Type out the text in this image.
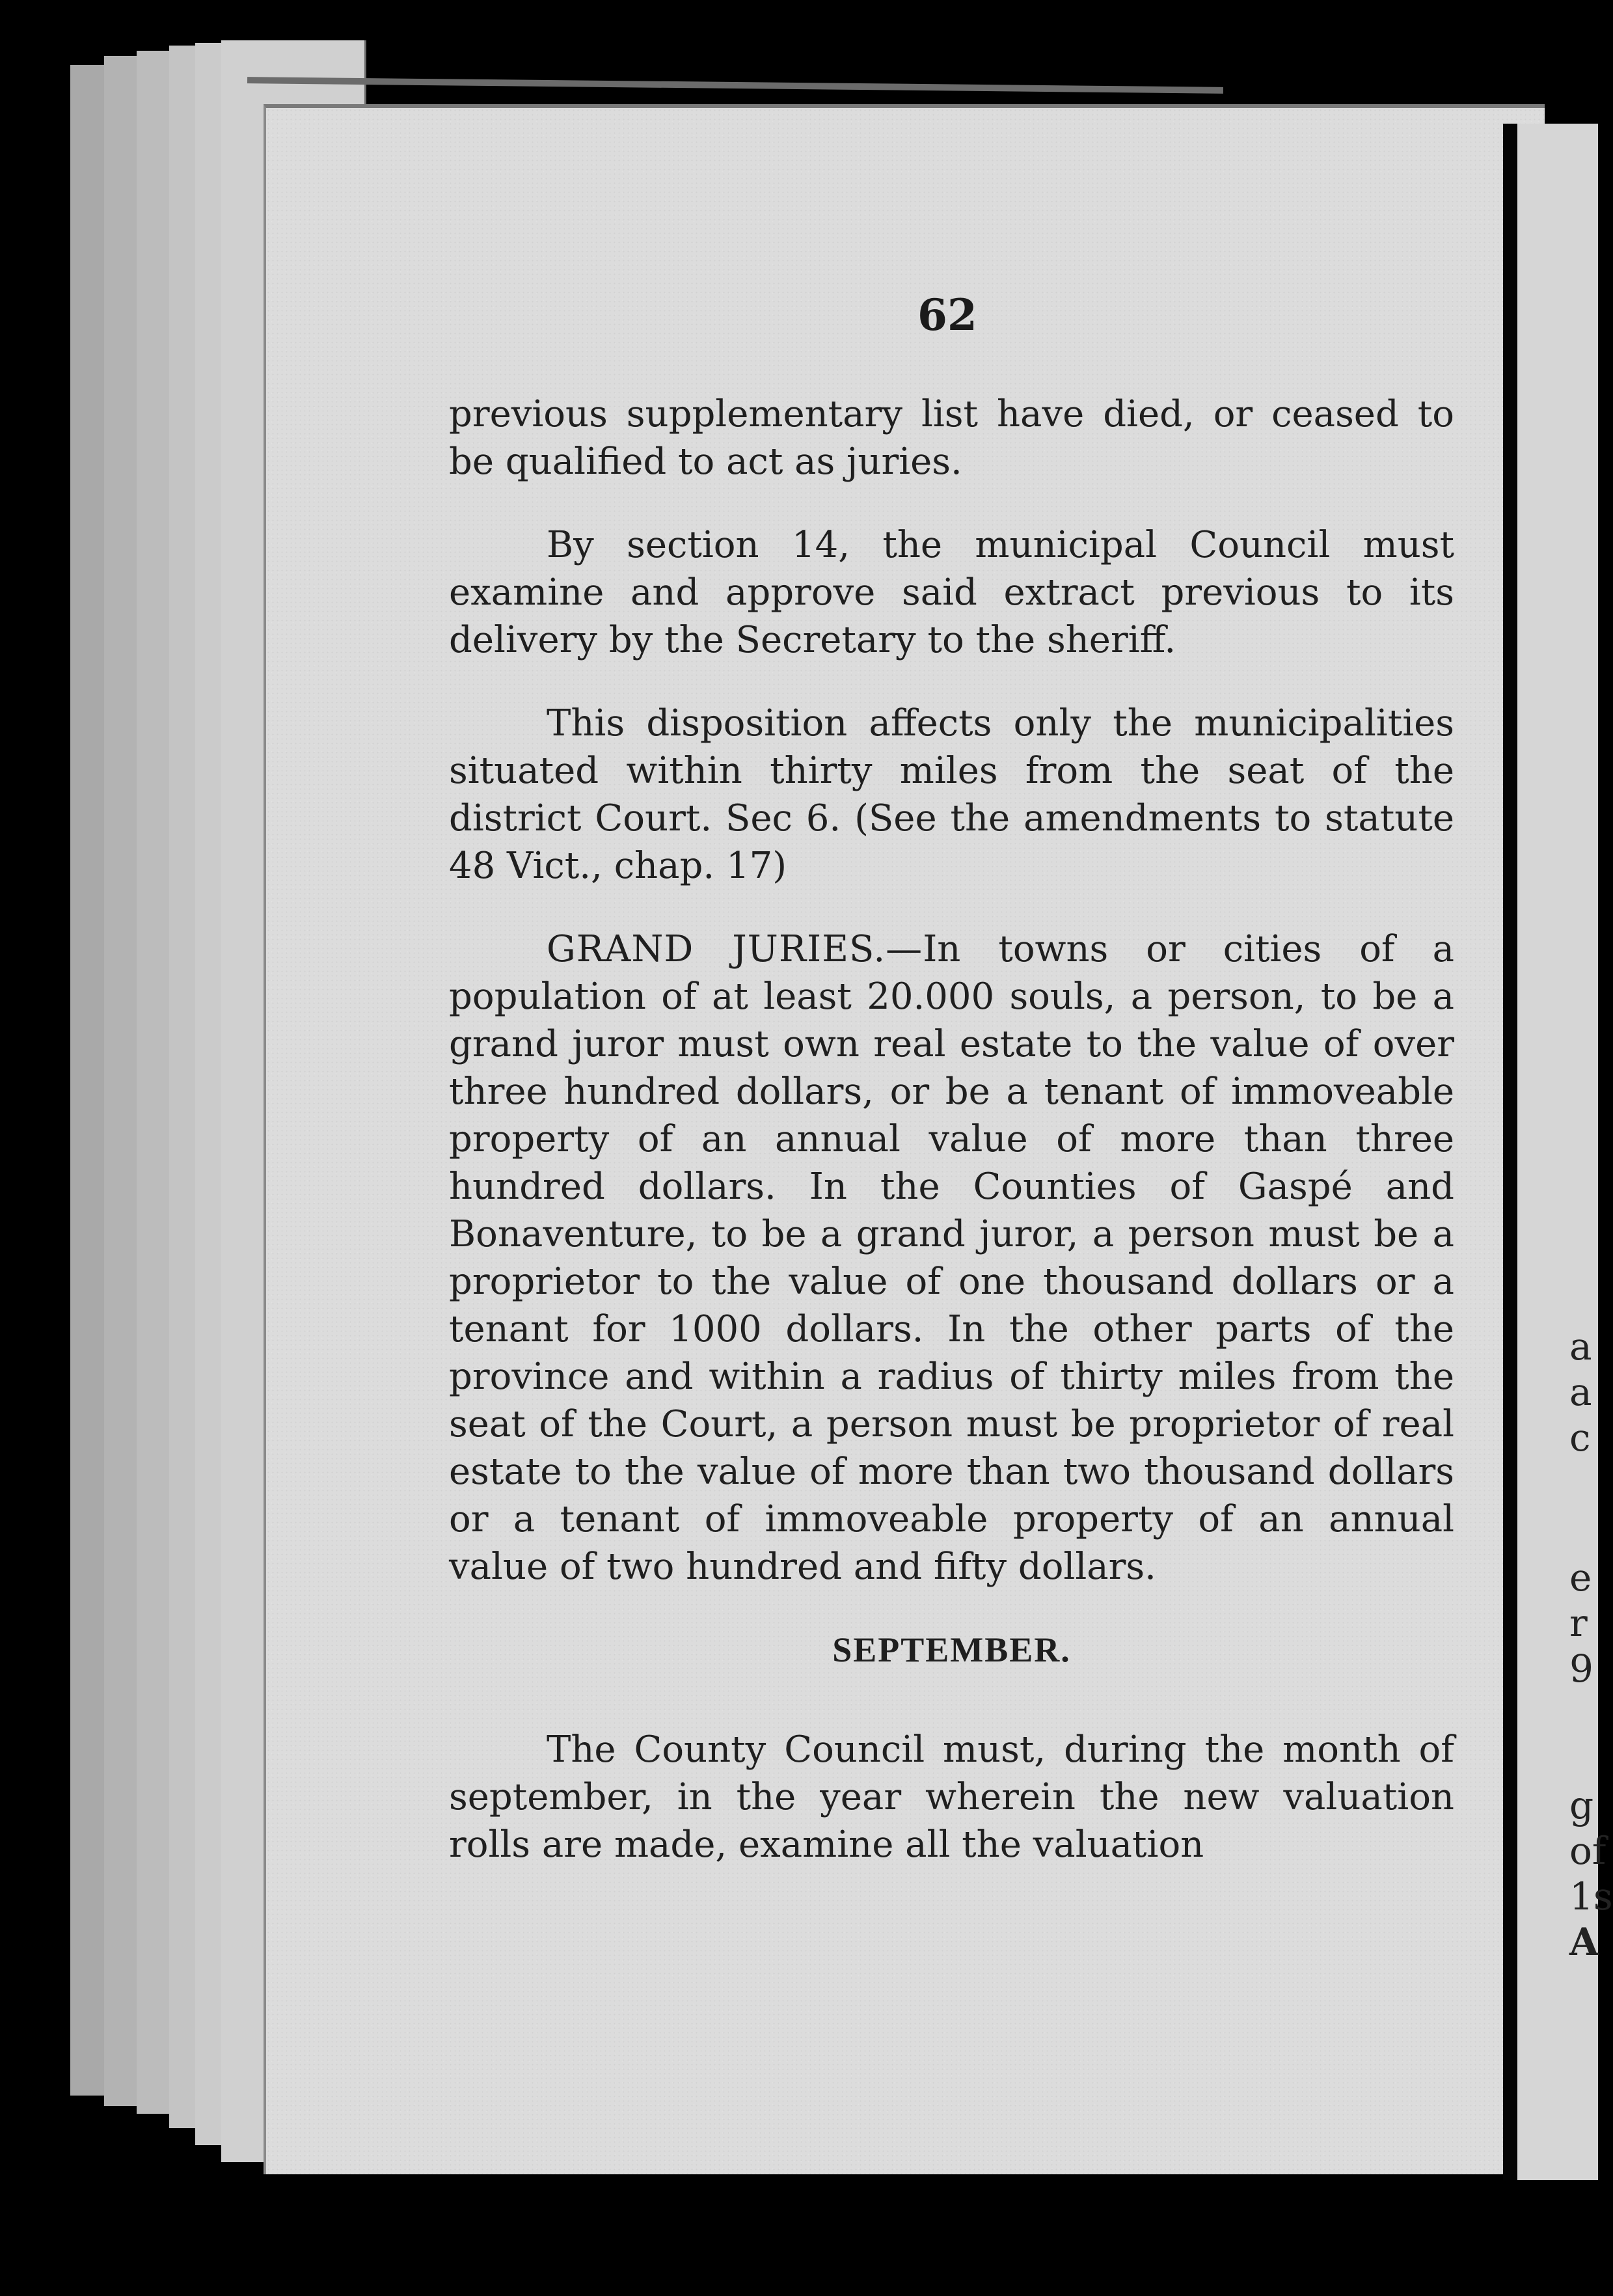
62

previous supplementary list have died, or ceased to be qualified to act as juries.

By section 14, the municipal Council must examine and approve said extract previous to its delivery by the Secretary to the sheriff.

This disposition affects only the municipalities situated within thirty miles from the seat of the district Court. Sec 6. (See the amendments to statute 48 Vict., chap. 17)

GRAND JURIES.—In towns or cities of a population of at least 20.000 souls, a person, to be a grand juror must own real estate to the value of over three hundred dollars, or be a tenant of immoveable property of an annual value of more than three hundred dollars. In the Counties of Gaspé and Bonaventure, to be a grand juror, a person must be a proprietor to the value of one thousand dollars or a tenant for 1000 dollars. In the other parts of the province and within a radius of thirty miles from the seat of the Court, a person must be proprietor of real estate to the value of more than two thousand dollars or a tenant of immoveable property of an annual value of two hundred and fifty dollars.

SEPTEMBER.

The County Council must, during the month of september, in the year wherein the new valuation rolls are made, examine all the valuation

a
a
c
e
r
9
g
of
1s
A
